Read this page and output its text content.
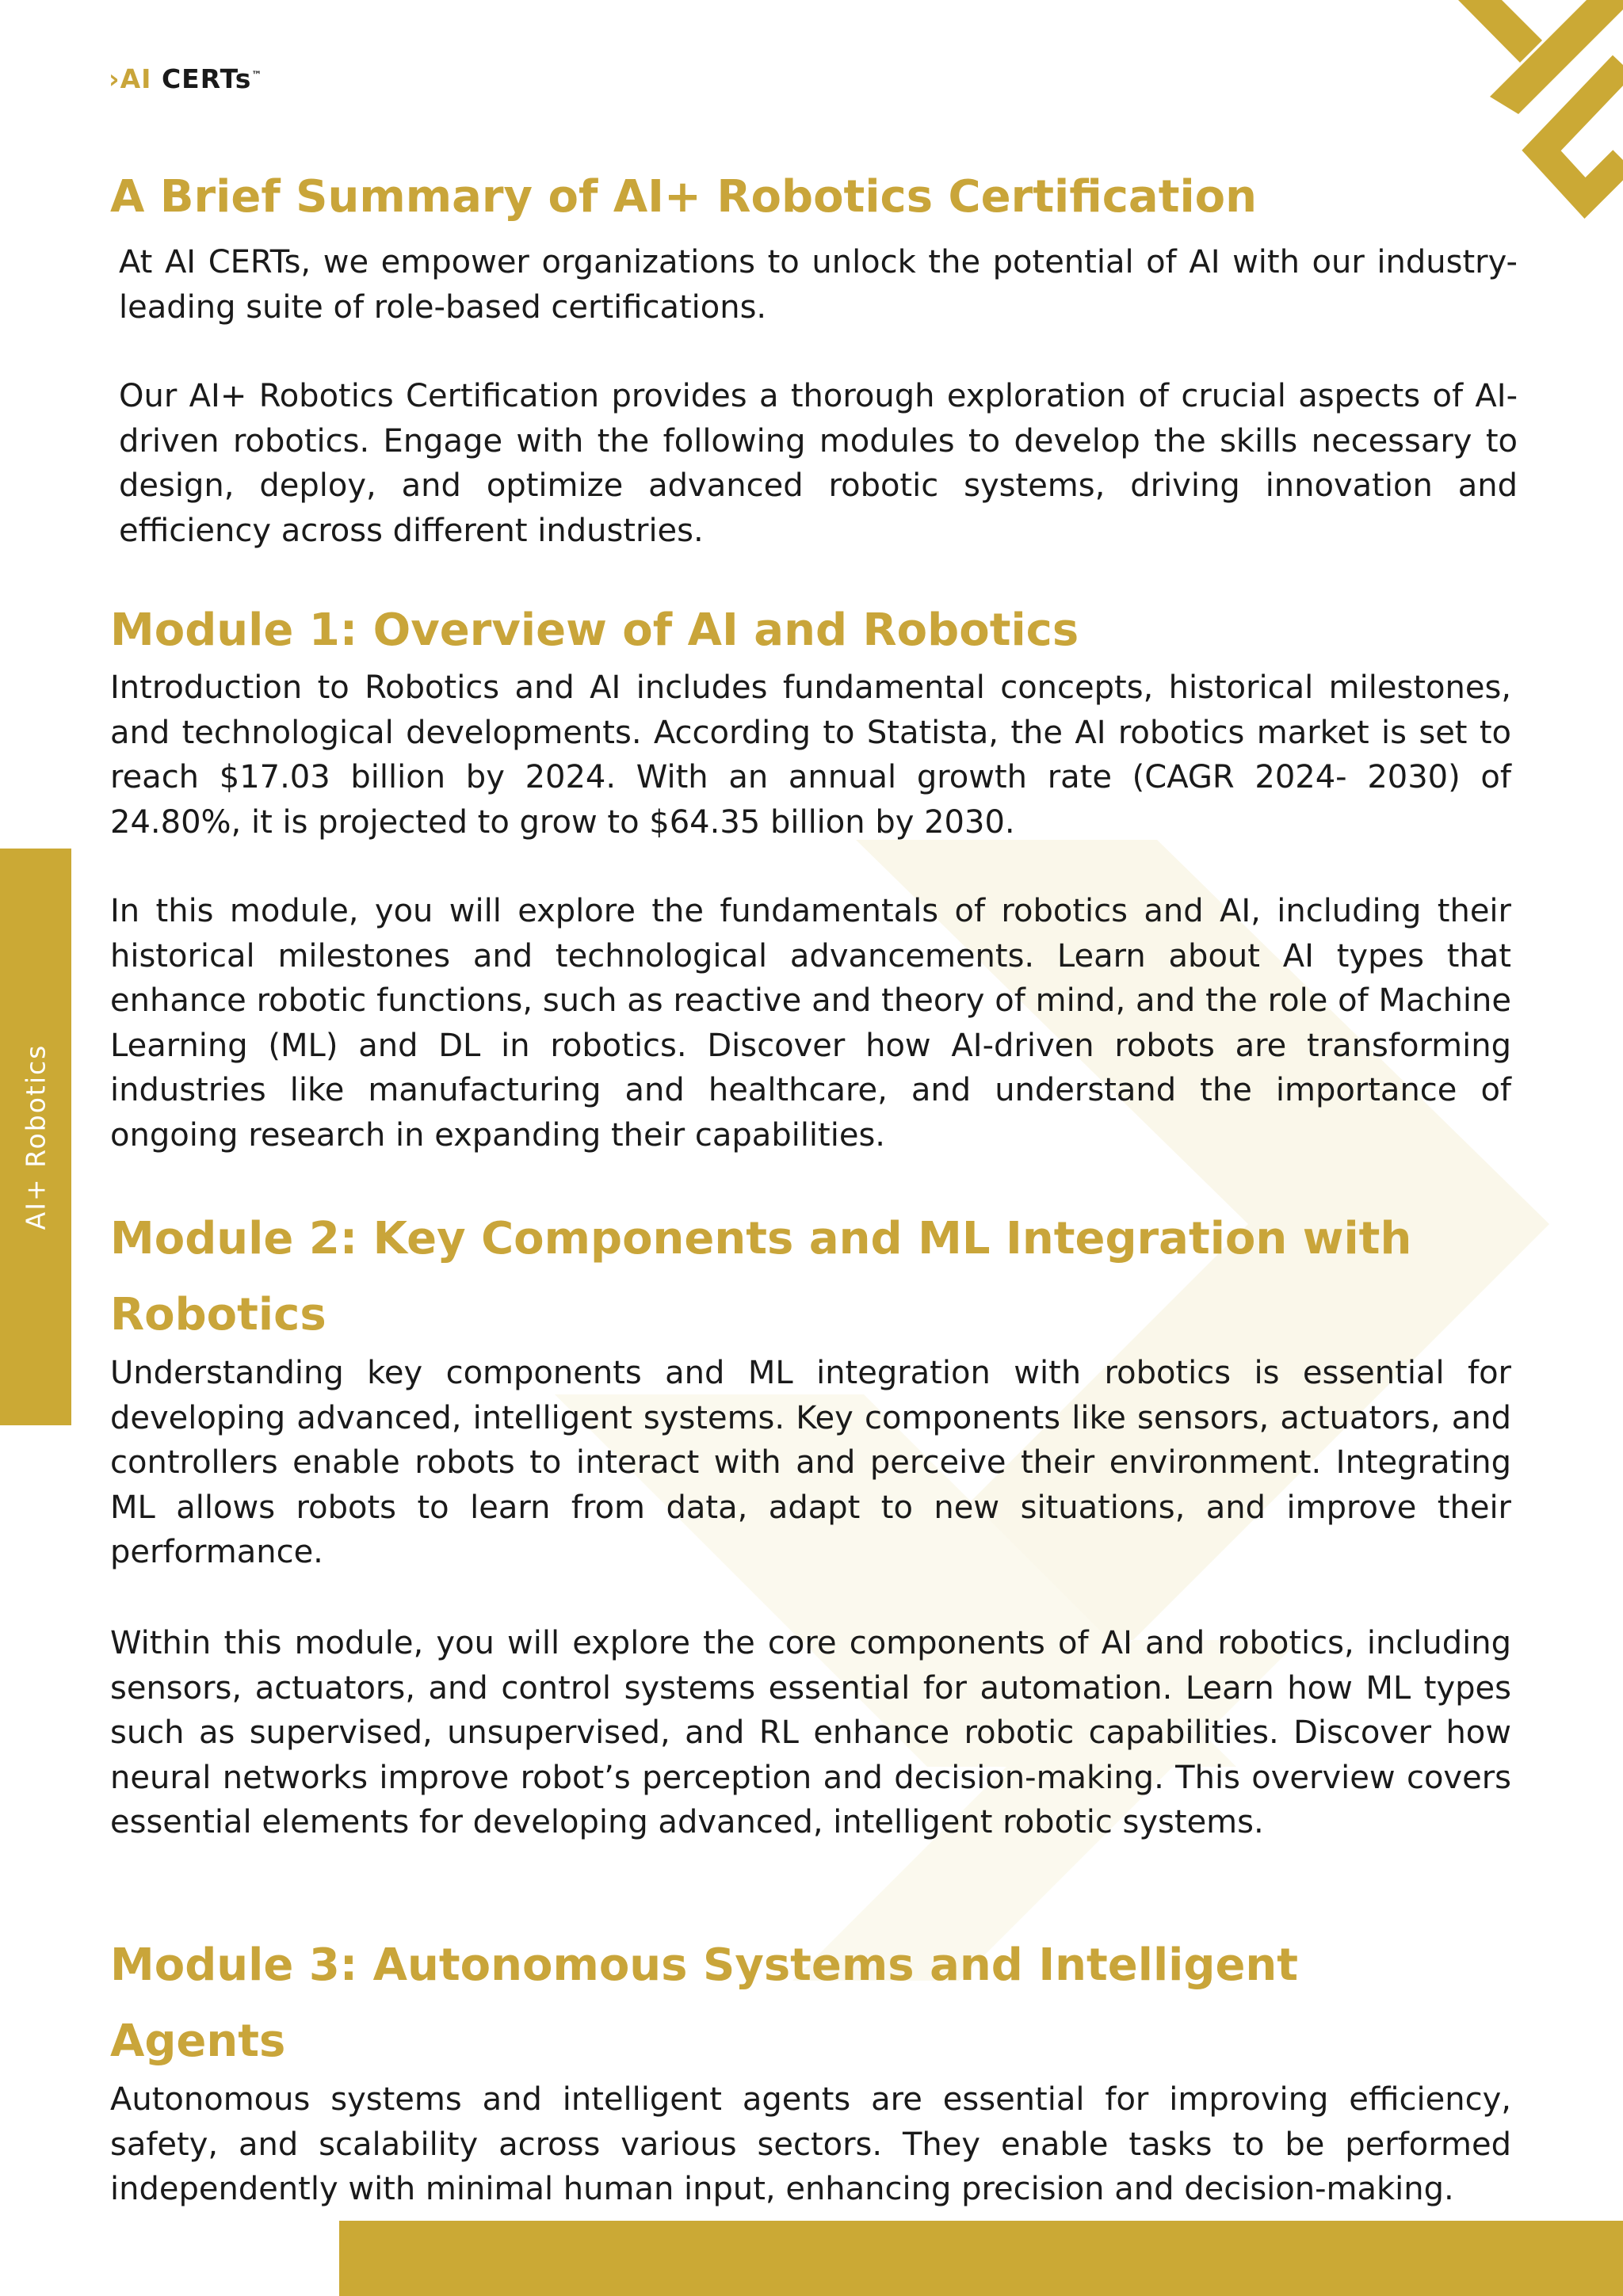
›AI CERTs™
AI+ Robotics
A Brief Summary of AI+ Robotics Certification

At AI CERTs, we empower organizations to unlock the potential of AI with our industry-leading suite of role-based certifications.

Our AI+ Robotics Certification provides a thorough exploration of crucial aspects of AI-driven robotics. Engage with the following modules to develop the skills necessary to design, deploy, and optimize advanced robotic systems, driving innovation and efficiency across different industries.

Module 1: Overview of AI and Robotics

Introduction to Robotics and AI includes fundamental concepts, historical milestones, and technological developments. According to Statista, the AI robotics market is set to reach $17.03 billion by 2024. With an annual growth rate (CAGR 2024- 2030) of 24.80%, it is projected to grow to $64.35 billion by 2030.

In this module, you will explore the fundamentals of robotics and AI, including their historical milestones and technological advancements. Learn about AI types that enhance robotic functions, such as reactive and theory of mind, and the role of Machine Learning (ML) and DL in robotics. Discover how AI-driven robots are transforming industries like manufacturing and healthcare, and understand the importance of ongoing research in expanding their capabilities.

Module 2: Key Components and ML Integration with
Robotics

Understanding key components and ML integration with robotics is essential for developing advanced, intelligent systems. Key components like sensors, actuators, and controllers enable robots to interact with and perceive their environment. Integrating ML allows robots to learn from data, adapt to new situations, and improve their performance.

Within this module, you will explore the core components of AI and robotics, including sensors, actuators, and control systems essential for automation. Learn how ML types such as supervised, unsupervised, and RL enhance robotic capabilities. Discover how neural networks improve robot’s perception and decision-making. This overview covers essential elements for developing advanced, intelligent robotic systems.

Module 3: Autonomous Systems and Intelligent
Agents

Autonomous systems and intelligent agents are essential for improving efficiency, safety, and scalability across various sectors. They enable tasks to be performed independently with minimal human input, enhancing precision and decision-making.
